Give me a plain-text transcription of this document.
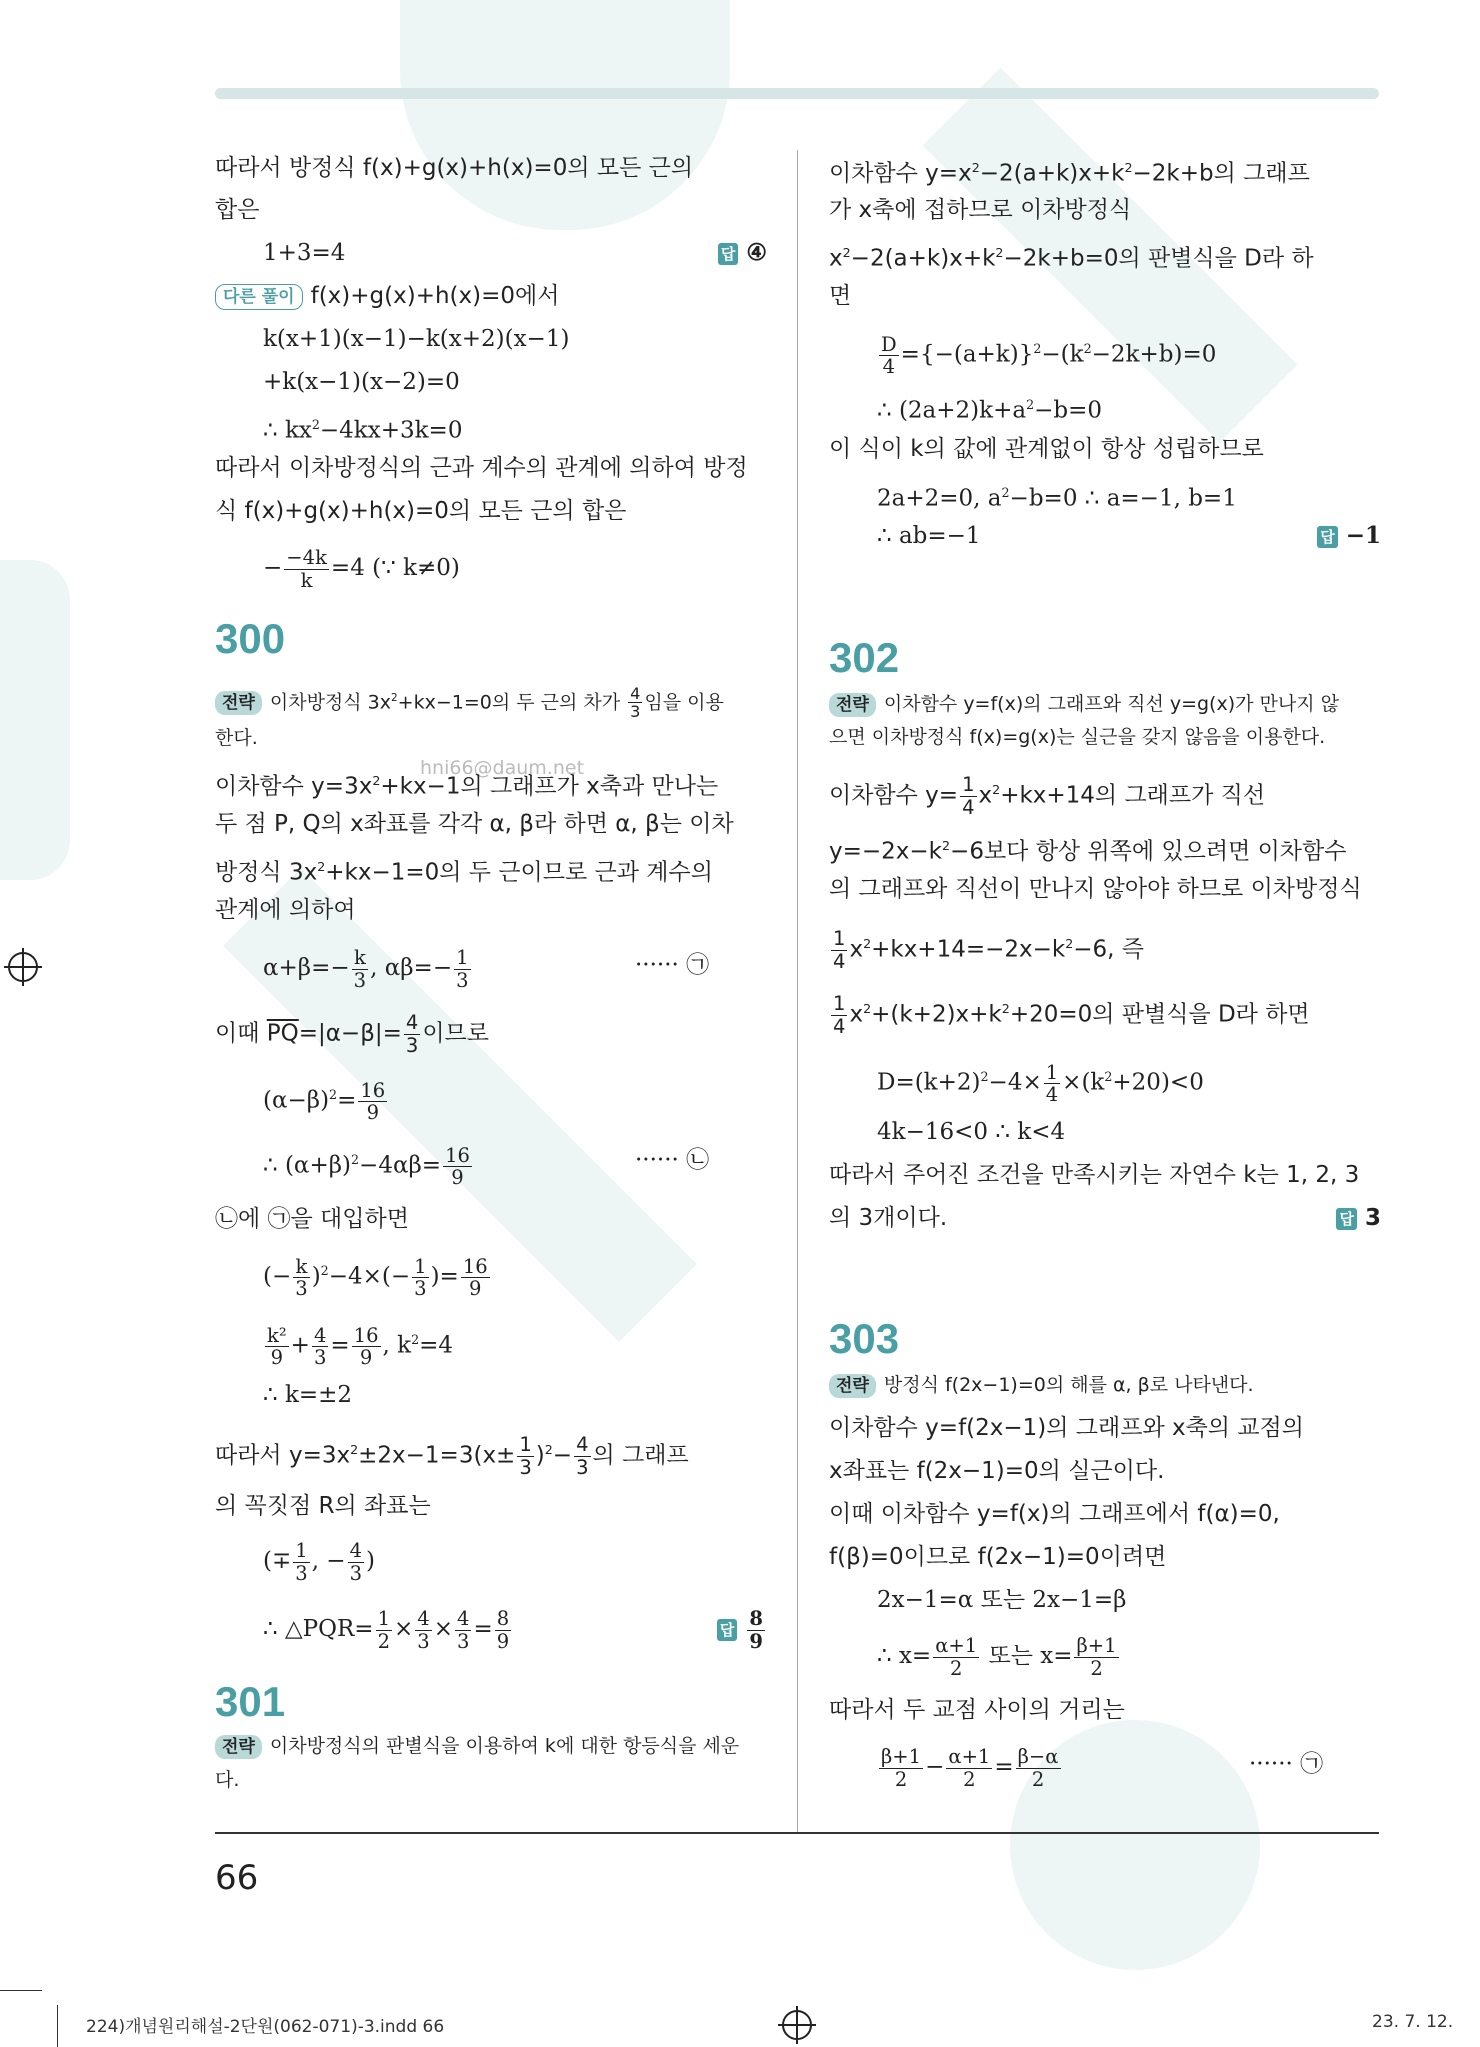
따라서 방정식 f(x)+g(x)+h(x)=0의 모든 근의
합은
1+3=4	답 ④
다른 풀이 f(x)+g(x)+h(x)=0에서
k(x+1)(x−1)−k(x+2)(x−1)
+k(x−1)(x−2)=0
∴ $kx^2-4kx+3k=0$
따라서 이차방정식의 근과 계수의 관계에 의하여 방정
식 f(x)+g(x)+h(x)=0의 모든 근의 합은
− $\frac{-4k}{k} =4$ (∵ k≠0)
300
전략 이차방정식 $3x^2+kx-1=0$의 두 근의 차가 $\frac{4}{3}$ 임을 이용
한다.
hni66@daum.net
이차함수 $y=3x^2+kx-1$의 그래프가 x축과 만나는
두 점 P, Q의 x좌표를 각각 α, β라 하면 α, β는 이차
방정식 $3x^2+kx-1=0$의 두 근이므로 근과 계수의
관계에 의하여
$\alpha+\beta=- \frac{k}{3}$ , $\alpha\beta=- \frac{1}{3}$	······ ㉠
이때 $\overline{PQ}=|\alpha-\beta|= \frac{4}{3}$ 이므로
$(\alpha-\beta)^2= \frac{16}{9}$
∴ $(\alpha+\beta)^2-4\alpha\beta= \frac{16}{9}$	······ ㉡
㉡에 ㉠을 대입하면
(− $\frac{k}{3} )^2-4\times(- \frac{1}{3}$ )= $\frac{16}{9}$
$\frac{\text{k²}}{9} + \frac{4}{3} = \frac{16}{9}$ , $k^2=4$
∴ k=±2
따라서 $y=3x^2\pm 2x-1=3(x\pm \frac{1}{3} )^2- \frac{4}{3}$ 의 그래프
의 꼭짓점 R의 좌표는
(∓ $\frac{1}{3}$ , − $\frac{4}{3}$ )
∴ △PQR= $\frac{1}{2} \times \frac{4}{3} \times \frac{4}{3} = \frac{8}{9}$	답 $\frac{8}{9}$
301
전략 이차방정식의 판별식을 이용하여 k에 대한 항등식을 세운
다.
이차함수 $y=x^2-2(a+k)x+k^2-2k+b$의 그래프
가 x축에 접하므로 이차방정식
$x^2-2(a+k)x+k^2-2k+b=0$의 판별식을 D라 하
면
$\frac{D}{4} =\{-(a+k)\}^2-(k^2-2k+b)=0$
∴ $(2a+2)k+a^2-b=0$
이 식이 k의 값에 관계없이 항상 성립하므로
2a+2=0, $a^2-b=0$ ∴ a=−1, b=1
∴ ab=−1	답 −1
302
전략 이차함수 y=f(x)의 그래프와 직선 y=g(x)가 만나지 않
으면 이차방정식 f(x)=g(x)는 실근을 갖지 않음을 이용한다.
이차함수 $y= \frac{1}{4} x^2+kx+14$의 그래프가 직선
$y=-2x-k^2-6$보다 항상 위쪽에 있으려면 이차함수
의 그래프와 직선이 만나지 않아야 하므로 이차방정식
$\frac{1}{4} x^2+kx+14=-2x-k^2-6$, 즉
$\frac{1}{4} x^2+(k+2)x+k^2+20=0$의 판별식을 D라 하면
$D=(k+2)^2-4\times \frac{1}{4} \times(k^2+20)<0$
4k−16<0 ∴ k<4
따라서 주어진 조건을 만족시키는 자연수 k는 1, 2, 3
의 3개이다.	답 3
303
전략 방정식 f(2x−1)=0의 해를 α, β로 나타낸다.
이차함수 y=f(2x−1)의 그래프와 x축의 교점의
x좌표는 f(2x−1)=0의 실근이다.
이때 이차함수 y=f(x)의 그래프에서 f(α)=0,
f(β)=0이므로 f(2x−1)=0이려면
2x−1=α 또는 2x−1=β
∴ $x= \frac{\alpha+1}{2}$ 또는 $x= \frac{\beta+1}{2}$
따라서 두 교점 사이의 거리는
$\frac{\beta+1}{2} - \frac{\alpha+1}{2} = \frac{\beta-\alpha}{2}$	······ ㉠
66
224)개념원리해설-2단원(062-071)-3.indd 66	23. 7. 12.
